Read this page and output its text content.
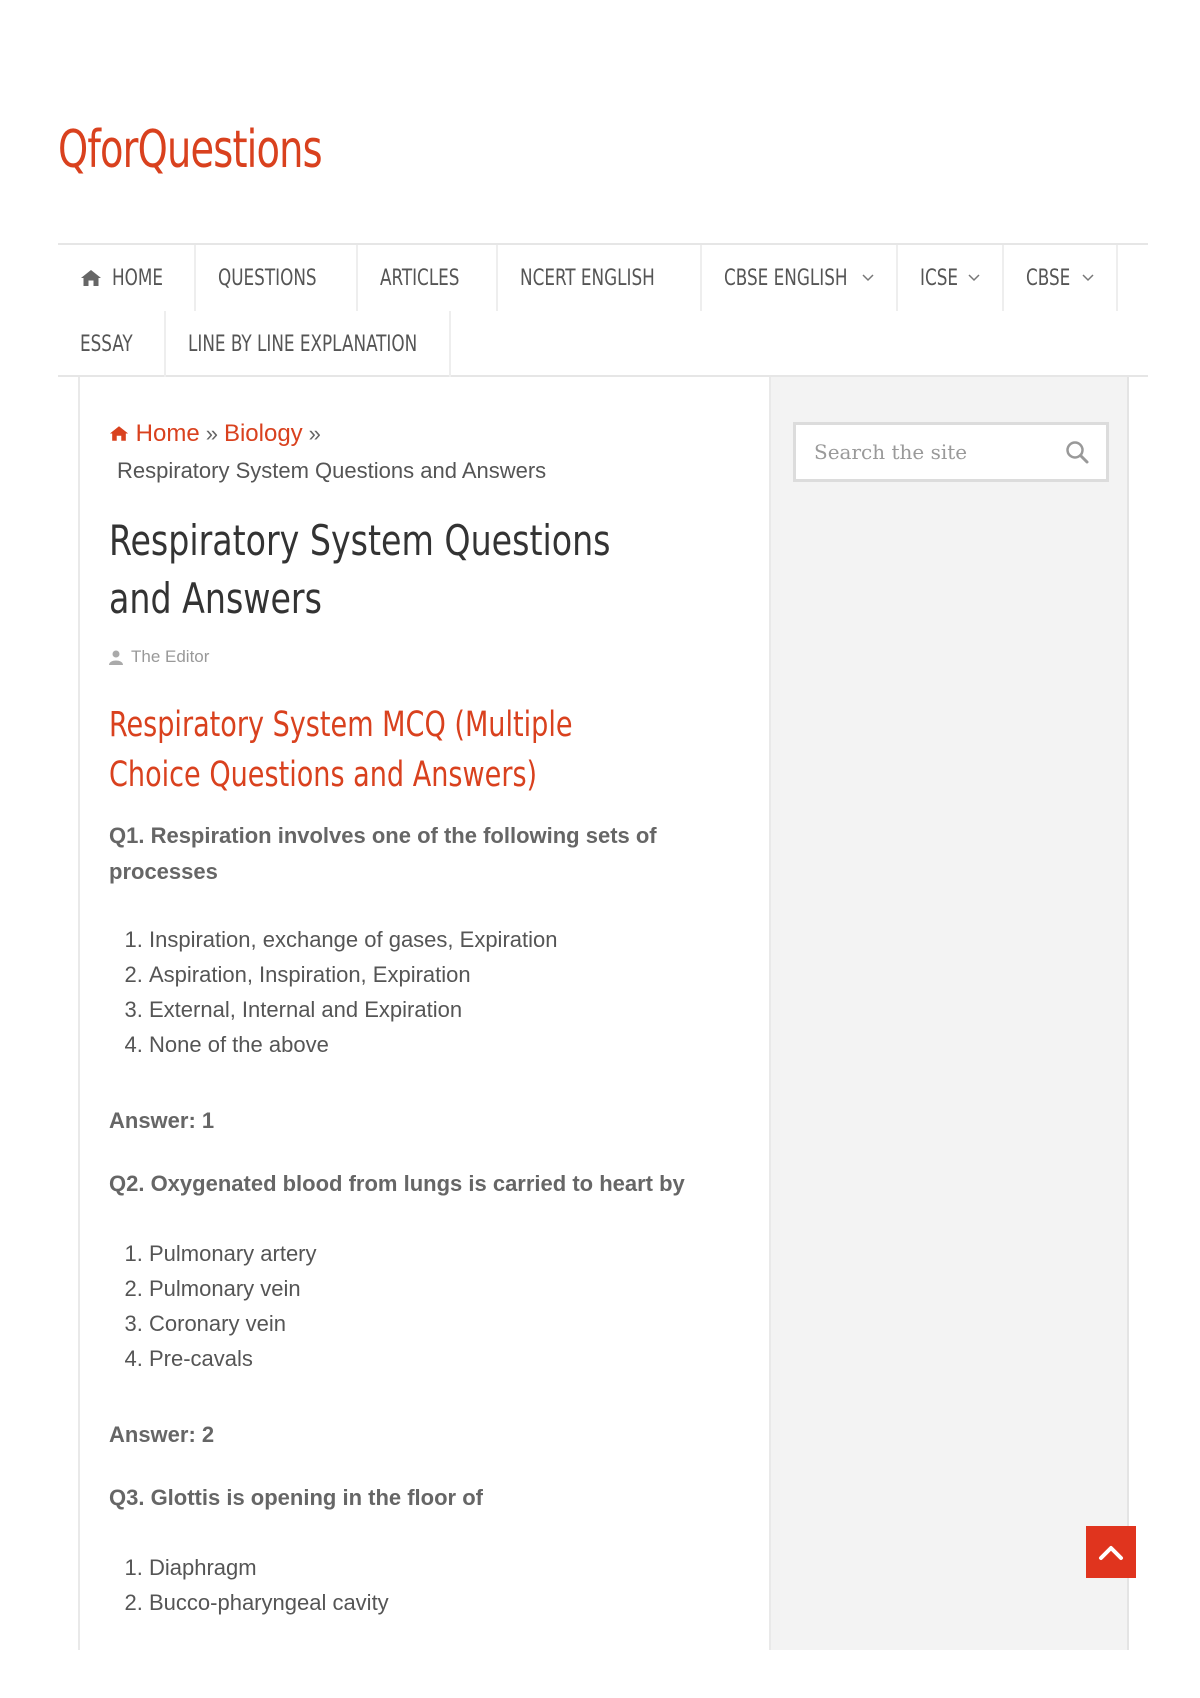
QforQuestions
HOME	QUESTIONS	ARTICLES	NCERT ENGLISH	CBSE ENGLISH	ICSE	CBSE
ESSAY	LINE BY LINE EXPLANATION
Search the site
Home » Biology »
Respiratory System Questions and Answers
Respiratory System Questions and Answers
The Editor
Respiratory System MCQ (Multiple Choice Questions and Answers)
Q1. Respiration involves one of the following sets of processes
1. Inspiration, exchange of gases, Expiration
2. Aspiration, Inspiration, Expiration
3. External, Internal and Expiration
4. None of the above
Answer: 1
Q2. Oxygenated blood from lungs is carried to heart by
1. Pulmonary artery
2. Pulmonary vein
3. Coronary vein
4. Pre-cavals
Answer: 2
Q3. Glottis is opening in the floor of
1. Diaphragm
2. Bucco-pharyngeal cavity
